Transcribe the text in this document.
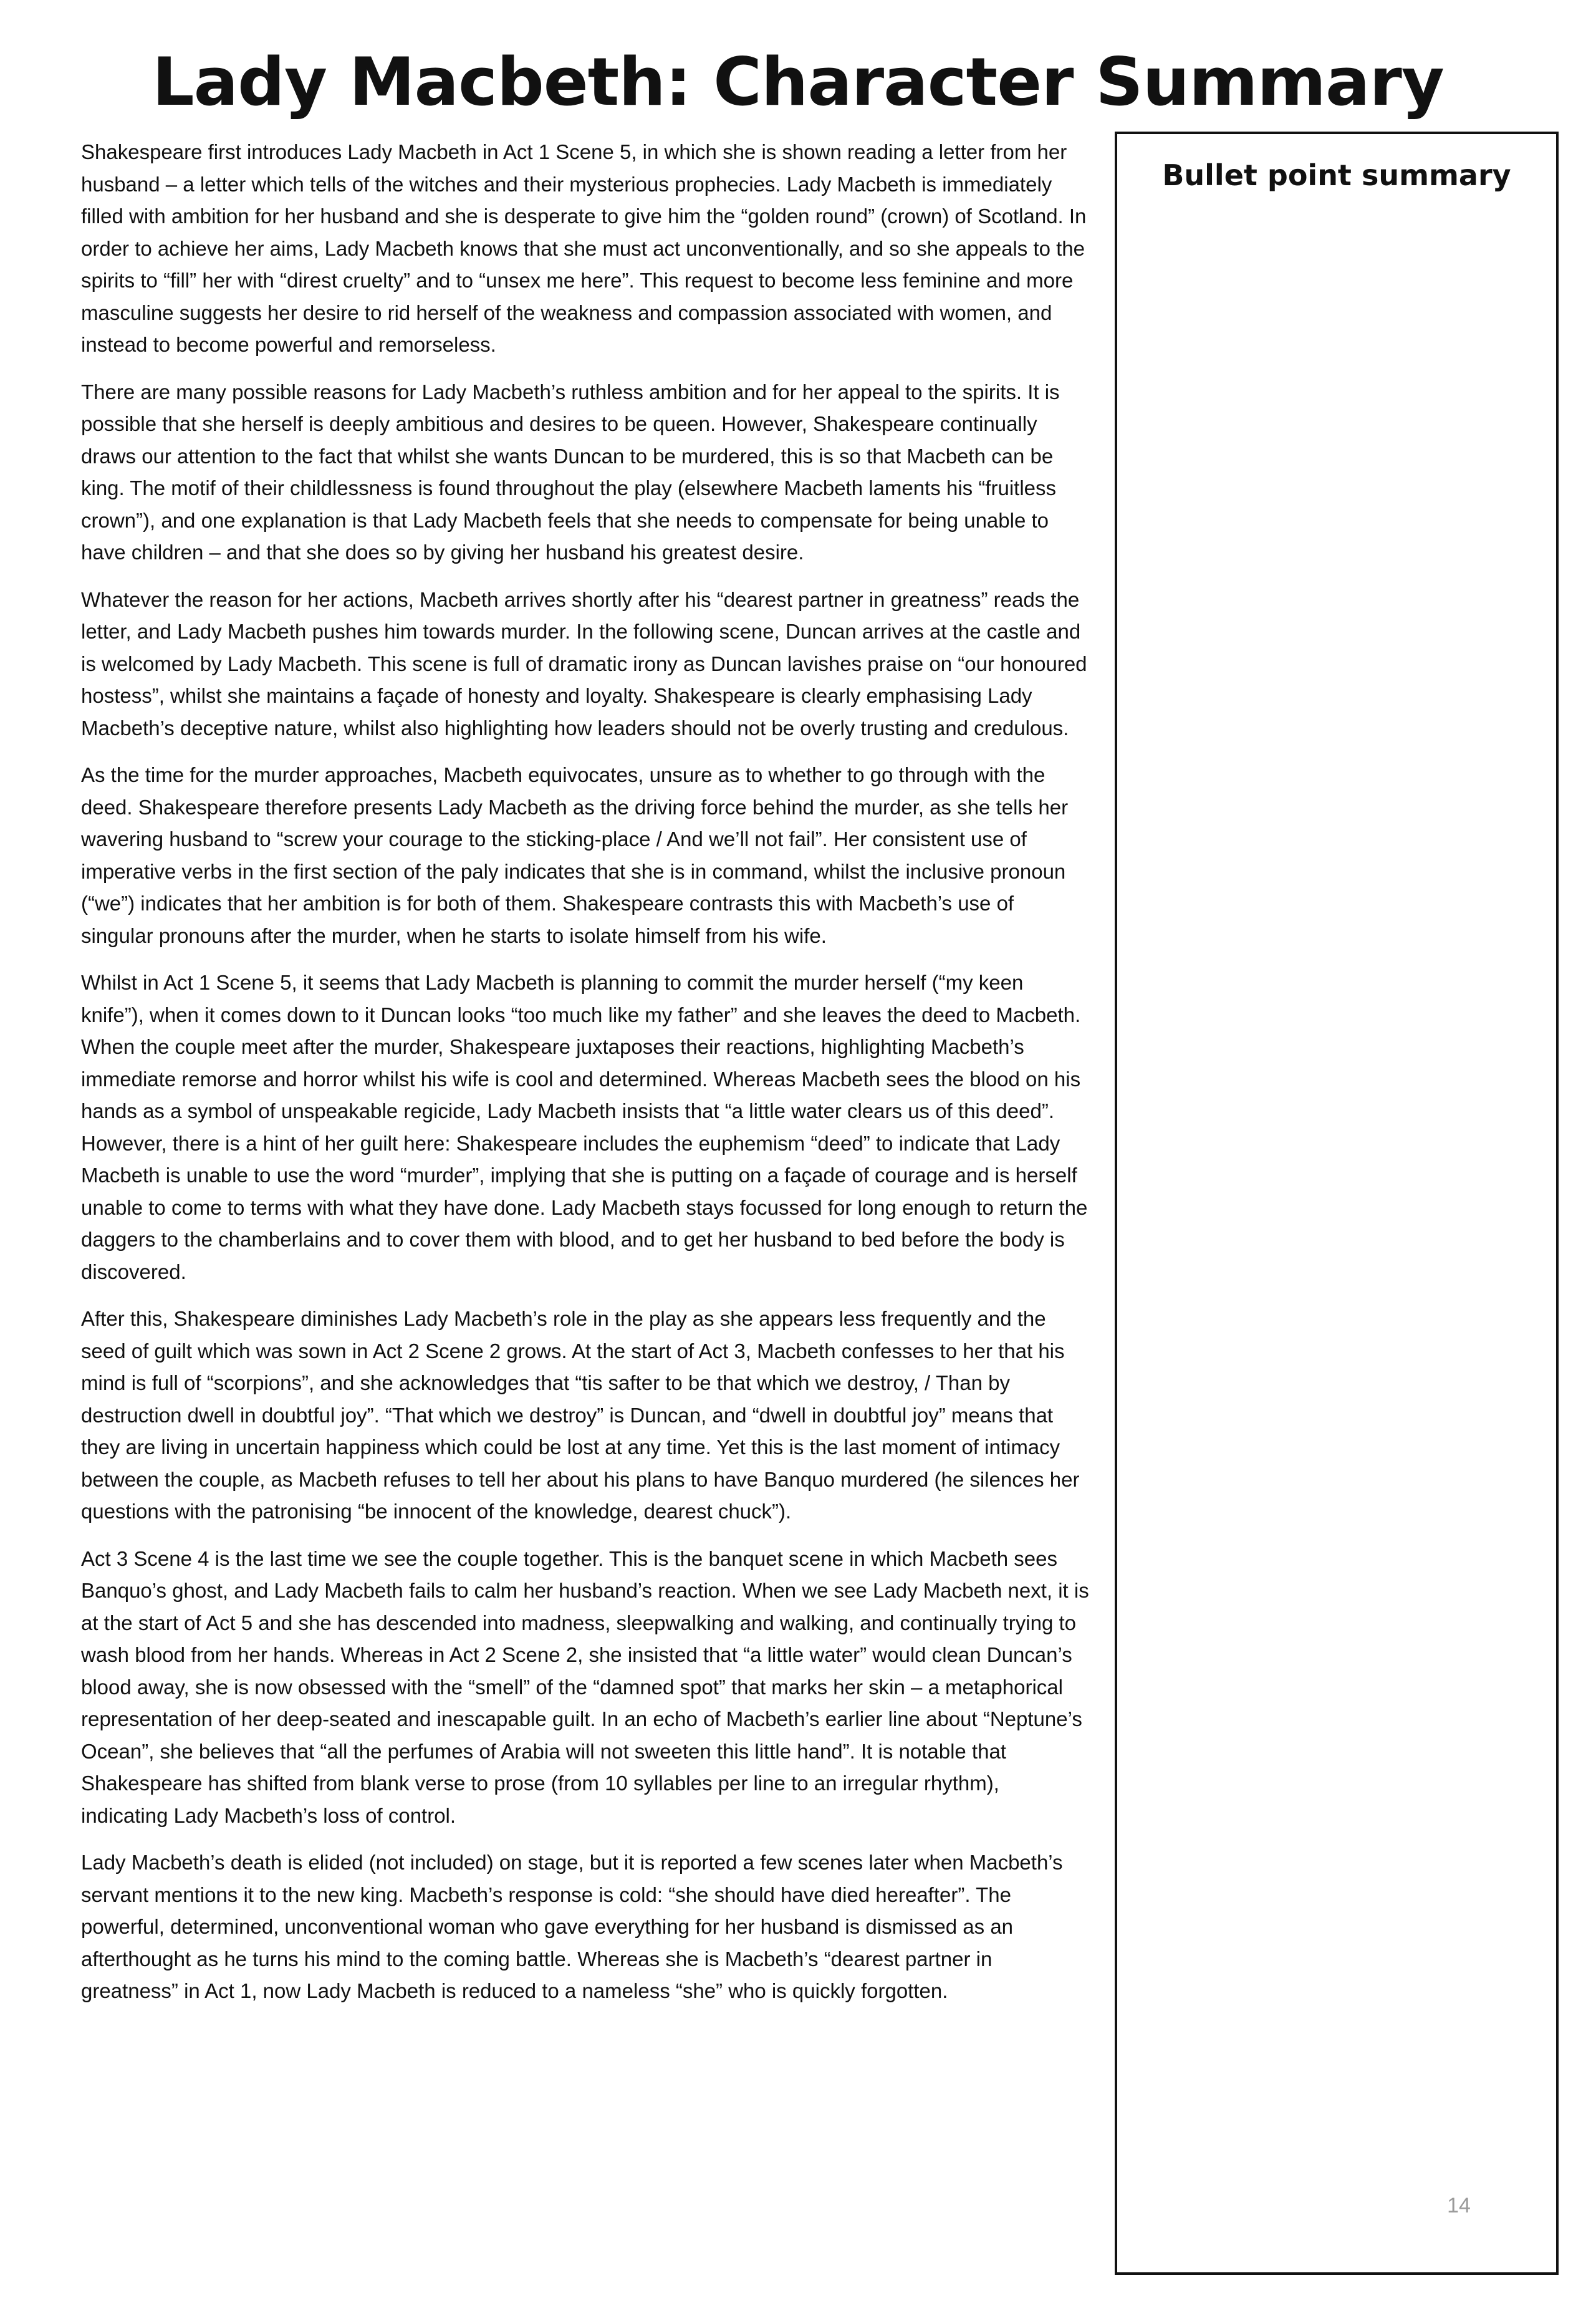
Lady Macbeth: Character Summary

Shakespeare first introduces Lady Macbeth in Act 1 Scene 5, in which she is shown reading a letter from her husband – a letter which tells of the witches and their mysterious prophecies. Lady Macbeth is immediately filled with ambition for her husband and she is desperate to give him the “golden round” (crown) of Scotland. In order to achieve her aims, Lady Macbeth knows that she must act unconventionally, and so she appeals to the spirits to “fill” her with “direst cruelty” and to “unsex me here”. This request to become less feminine and more masculine suggests her desire to rid herself of the weakness and compassion associated with women, and instead to become powerful and remorseless.

There are many possible reasons for Lady Macbeth’s ruthless ambition and for her appeal to the spirits. It is possible that she herself is deeply ambitious and desires to be queen. However, Shakespeare continually draws our attention to the fact that whilst she wants Duncan to be murdered, this is so that Macbeth can be king. The motif of their childlessness is found throughout the play (elsewhere Macbeth laments his “fruitless crown”), and one explanation is that Lady Macbeth feels that she needs to compensate for being unable to have children – and that she does so by giving her husband his greatest desire.

Whatever the reason for her actions, Macbeth arrives shortly after his “dearest partner in greatness” reads the letter, and Lady Macbeth pushes him towards murder. In the following scene, Duncan arrives at the castle and is welcomed by Lady Macbeth. This scene is full of dramatic irony as Duncan lavishes praise on “our honoured hostess”, whilst she maintains a façade of honesty and loyalty. Shakespeare is clearly emphasising Lady Macbeth’s deceptive nature, whilst also highlighting how leaders should not be overly trusting and credulous.

As the time for the murder approaches, Macbeth equivocates, unsure as to whether to go through with the deed. Shakespeare therefore presents Lady Macbeth as the driving force behind the murder, as she tells her wavering husband to “screw your courage to the sticking-place / And we’ll not fail”. Her consistent use of imperative verbs in the first section of the paly indicates that she is in command, whilst the inclusive pronoun (“we”) indicates that her ambition is for both of them. Shakespeare contrasts this with Macbeth’s use of singular pronouns after the murder, when he starts to isolate himself from his wife.

Whilst in Act 1 Scene 5, it seems that Lady Macbeth is planning to commit the murder herself (“my keen knife”), when it comes down to it Duncan looks “too much like my father” and she leaves the deed to Macbeth. When the couple meet after the murder, Shakespeare juxtaposes their reactions, highlighting Macbeth’s immediate remorse and horror whilst his wife is cool and determined. Whereas Macbeth sees the blood on his hands as a symbol of unspeakable regicide, Lady Macbeth insists that “a little water clears us of this deed”. However, there is a hint of her guilt here: Shakespeare includes the euphemism “deed” to indicate that Lady Macbeth is unable to use the word “murder”, implying that she is putting on a façade of courage and is herself unable to come to terms with what they have done. Lady Macbeth stays focussed for long enough to return the daggers to the chamberlains and to cover them with blood, and to get her husband to bed before the body is discovered.

After this, Shakespeare diminishes Lady Macbeth’s role in the play as she appears less frequently and the seed of guilt which was sown in Act 2 Scene 2 grows. At the start of Act 3, Macbeth confesses to her that his mind is full of “scorpions”, and she acknowledges that “tis safter to be that which we destroy, / Than by destruction dwell in doubtful joy”. “That which we destroy” is Duncan, and “dwell in doubtful joy” means that they are living in uncertain happiness which could be lost at any time. Yet this is the last moment of intimacy between the couple, as Macbeth refuses to tell her about his plans to have Banquo murdered (he silences her questions with the patronising “be innocent of the knowledge, dearest chuck”).

Act 3 Scene 4 is the last time we see the couple together. This is the banquet scene in which Macbeth sees Banquo’s ghost, and Lady Macbeth fails to calm her husband’s reaction. When we see Lady Macbeth next, it is at the start of Act 5 and she has descended into madness, sleepwalking and walking, and continually trying to wash blood from her hands. Whereas in Act 2 Scene 2, she insisted that “a little water” would clean Duncan’s blood away, she is now obsessed with the “smell” of the “damned spot” that marks her skin – a metaphorical representation of her deep-seated and inescapable guilt. In an echo of Macbeth’s earlier line about “Neptune’s Ocean”, she believes that “all the perfumes of Arabia will not sweeten this little hand”. It is notable that Shakespeare has shifted from blank verse to prose (from 10 syllables per line to an irregular rhythm), indicating Lady Macbeth’s loss of control.

Lady Macbeth’s death is elided (not included) on stage, but it is reported a few scenes later when Macbeth’s servant mentions it to the new king. Macbeth’s response is cold: “she should have died hereafter”. The powerful, determined, unconventional woman who gave everything for her husband is dismissed as an afterthought as he turns his mind to the coming battle. Whereas she is Macbeth’s “dearest partner in greatness” in Act 1, now Lady Macbeth is reduced to a nameless “she” who is quickly forgotten.

Bullet point summary
14
